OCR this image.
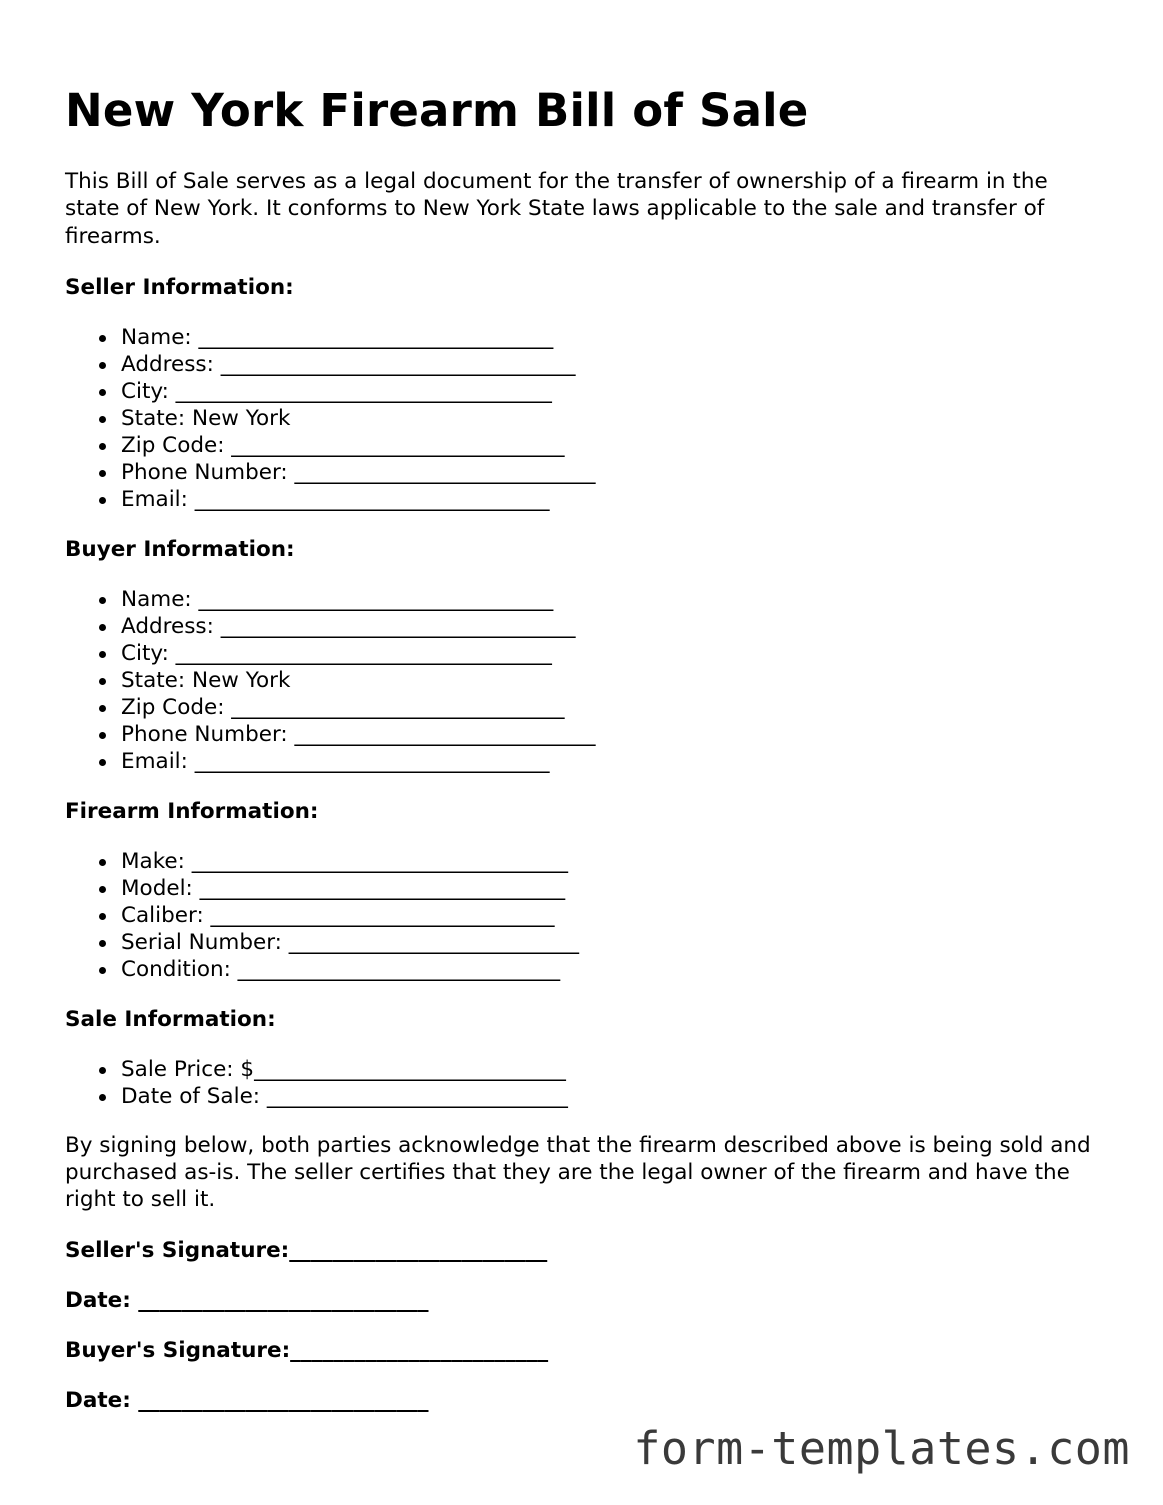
New York Firearm Bill of Sale

This Bill of Sale serves as a legal document for the transfer of ownership of a firearm in the state of New York. It conforms to New York State laws applicable to the sale and transfer of firearms.

Seller Information:

Name: _________________________________
Address: _________________________________
City: ___________________________________
State: New York
Zip Code: _______________________________
Phone Number: ____________________________
Email: _________________________________

Buyer Information:

Name: _________________________________
Address: _________________________________
City: ___________________________________
State: New York
Zip Code: _______________________________
Phone Number: ____________________________
Email: _________________________________

Firearm Information:

Make: ___________________________________
Model: __________________________________
Caliber: ________________________________
Serial Number: ___________________________
Condition: ______________________________

Sale Information:

Sale Price: $_____________________________
Date of Sale: ____________________________

By signing below, both parties acknowledge that the firearm described above is being sold and purchased as-is. The seller certifies that they are the legal owner of the firearm and have the right to sell it.

Seller's Signature:________________________

Date: ___________________________

Buyer's Signature:________________________

Date: ___________________________

form-templates.com
